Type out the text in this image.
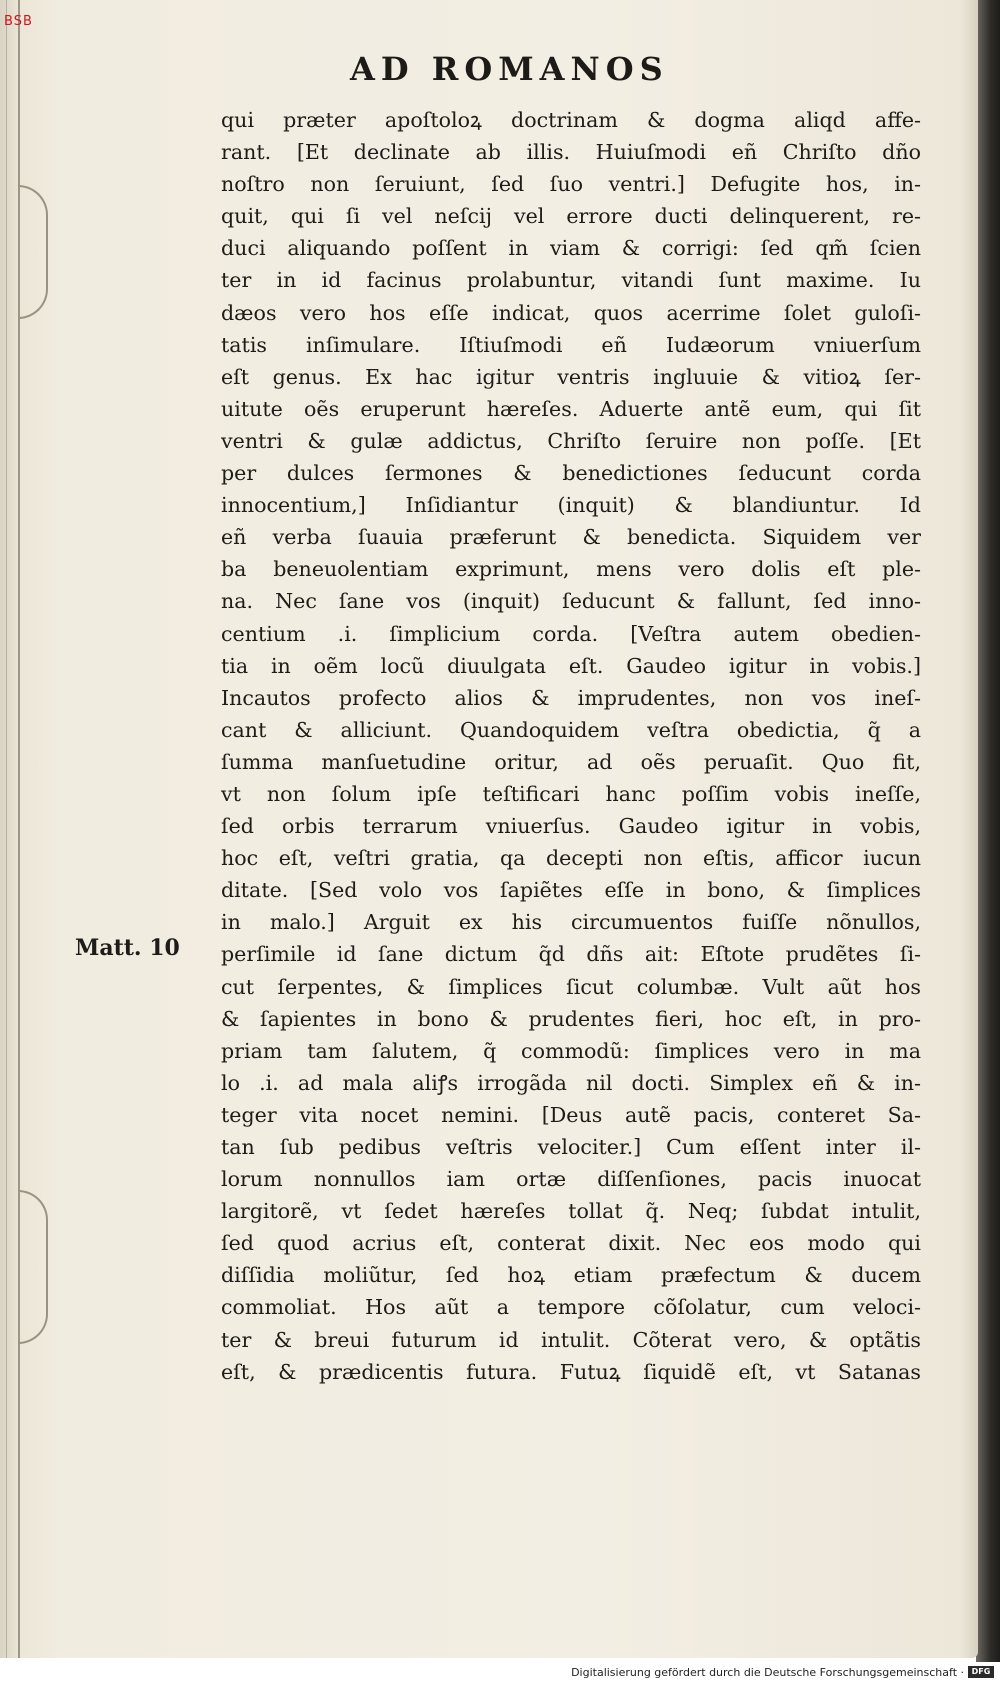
BSB
AD ROMANOS
Matt. 10
qui præter apoſtoloꝝ doctrinam & dogma aliqd affe-
rant. [Et declinate ab illis. Huiuſmodi eñ Chriſto dño
noſtro non ſeruiunt, ſed ſuo ventri.] Defugite hos, in-
quit, qui ſi vel neſcij vel errore ducti delinquerent, re-
duci aliquando poſſent in viam & corrigi: ſed qm̃ ſcien
ter in id facinus prolabuntur, vitandi ſunt maxime. Iu
dæos vero hos eſſe indicat, quos acerrime ſolet guloſi-
tatis inſimulare. Iſtiuſmodi eñ Iudæorum vniuerſum
eſt genus. Ex hac igitur ventris ingluuie & vitioꝝ ſer-
uitute oẽs eruperunt hæreſes. Aduerte antẽ eum, qui ſit
ventri & gulæ addictus, Chriſto ſeruire non poſſe. [Et
per dulces ſermones & benedictiones ſeducunt corda
innocentium,] Inſidiantur (inquit) & blandiuntur. Id
eñ verba ſuauia præferunt & benedicta. Siquidem ver
ba beneuolentiam exprimunt, mens vero dolis eſt ple-
na. Nec ſane vos (inquit) ſeducunt & fallunt, ſed inno-
centium .i. ſimplicium corda. [Veſtra autem obedien-
tia in oẽm locũ diuulgata eſt. Gaudeo igitur in vobis.]
Incautos profecto alios & imprudentes, non vos ineſ-
cant & alliciunt. Quandoquidem veſtra obedictia, q̃ a
ſumma manſuetudine oritur, ad oẽs peruaſit. Quo fit,
vt non ſolum ipſe teſtificari hanc poſſim vobis ineſſe,
ſed orbis terrarum vniuerſus. Gaudeo igitur in vobis,
hoc eſt, veſtri gratia, qa decepti non eſtis, afficor iucun
ditate. [Sed volo vos ſapiẽtes eſſe in bono, & ſimplices
in malo.] Arguit ex his circumuentos fuiſſe nõnullos,
perſimile id ſane dictum q̃d dñs ait: Eſtote prudẽtes ſi-
cut ſerpentes, & ſimplices ſicut columbæ. Vult aũt hos
& ſapientes in bono & prudentes fieri, hoc eſt, in pro-
priam tam ſalutem, q̃ commodũ: ſimplices vero in ma
lo .i. ad mala aliꝭs irrogãda nil docti. Simplex eñ & in-
teger vita nocet nemini. [Deus autẽ pacis, conteret Sa-
tan ſub pedibus veſtris velociter.] Cum eſſent inter il-
lorum nonnullos iam ortæ diſſenſiones, pacis inuocat
largitorẽ, vt ſedet hæreſes tollat q̃. Neq; ſubdat intulit,
ſed quod acrius eſt, conterat dixit. Nec eos modo qui
diſſidia moliũtur, ſed hoꝝ etiam præfectum & ducem
commoliat. Hos aũt a tempore cõſolatur, cum veloci-
ter & breui futurum id intulit. Cõterat vero, & optãtis
eſt, & prædicentis futura. Futuꝝ ſiquidẽ eſt, vt Satanas
Digitalisierung gefördert durch die Deutsche Forschungsgemeinschaft · DFG
